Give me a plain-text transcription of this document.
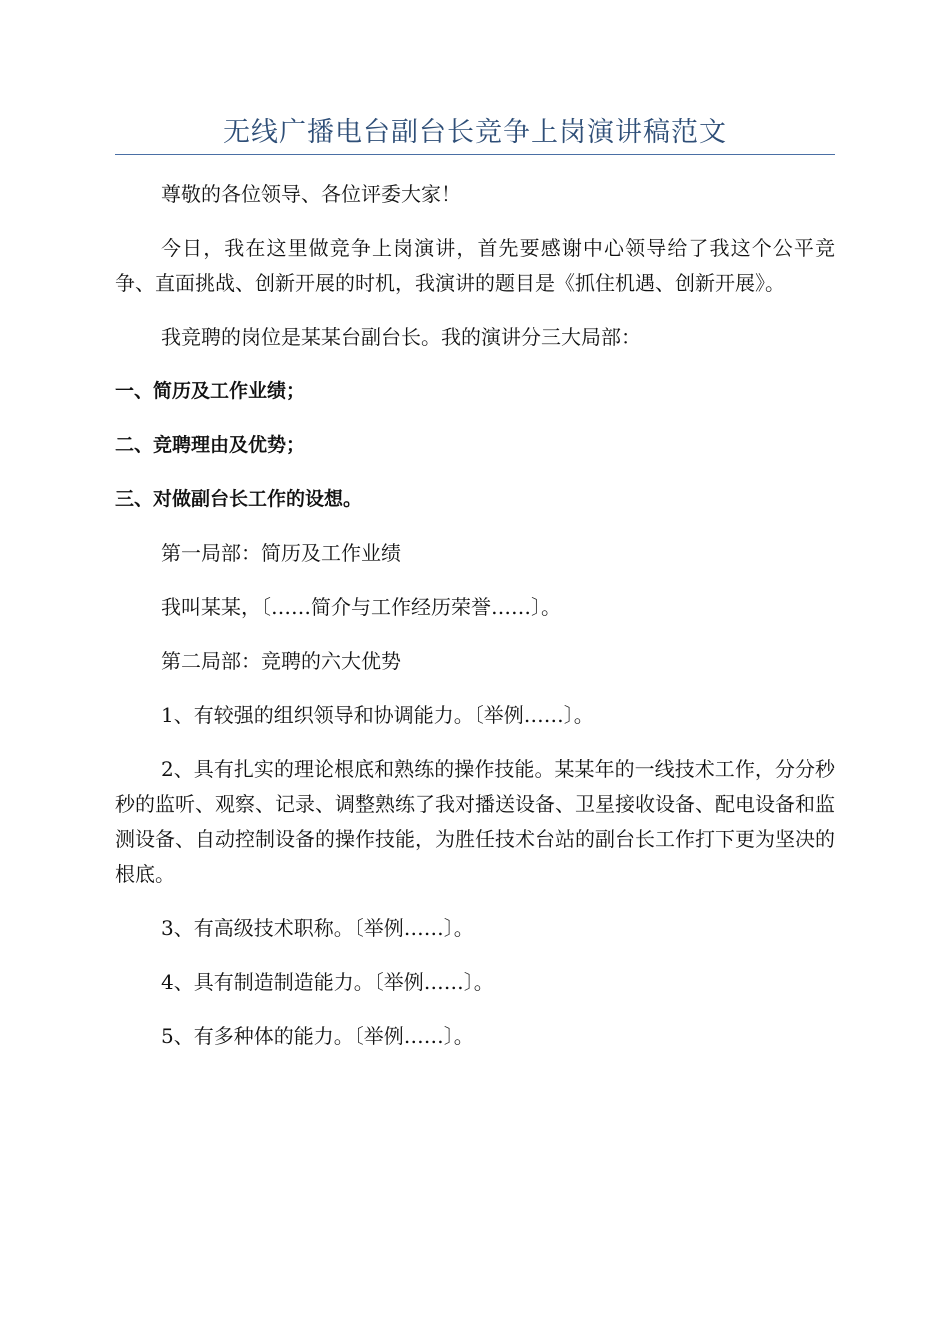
无线广播电台副台长竞争上岗演讲稿范文

尊敬的各位领导、各位评委大家！

今日，我在这里做竞争上岗演讲，首先要感谢中心领导给了我这个公平竞争、直面挑战、创新开展的时机，我演讲的题目是《抓住机遇、创新开展》。

我竞聘的岗位是某某台副台长。我的演讲分三大局部：

一、简历及工作业绩；

二、竞聘理由及优势；

三、对做副台长工作的设想。

第一局部：简历及工作业绩

我叫某某，〔……简介与工作经历荣誉……〕。

第二局部：竞聘的六大优势

1、有较强的组织领导和协调能力。〔举例……〕。

2、具有扎实的理论根底和熟练的操作技能。某某年的一线技术工作，分分秒秒的监听、观察、记录、调整熟练了我对播送设备、卫星接收设备、配电设备和监测设备、自动控制设备的操作技能，为胜任技术台站的副台长工作打下更为坚决的根底。

3、有高级技术职称。〔举例……〕。

4、具有制造制造能力。〔举例……〕。

5、有多种体的能力。〔举例……〕。
